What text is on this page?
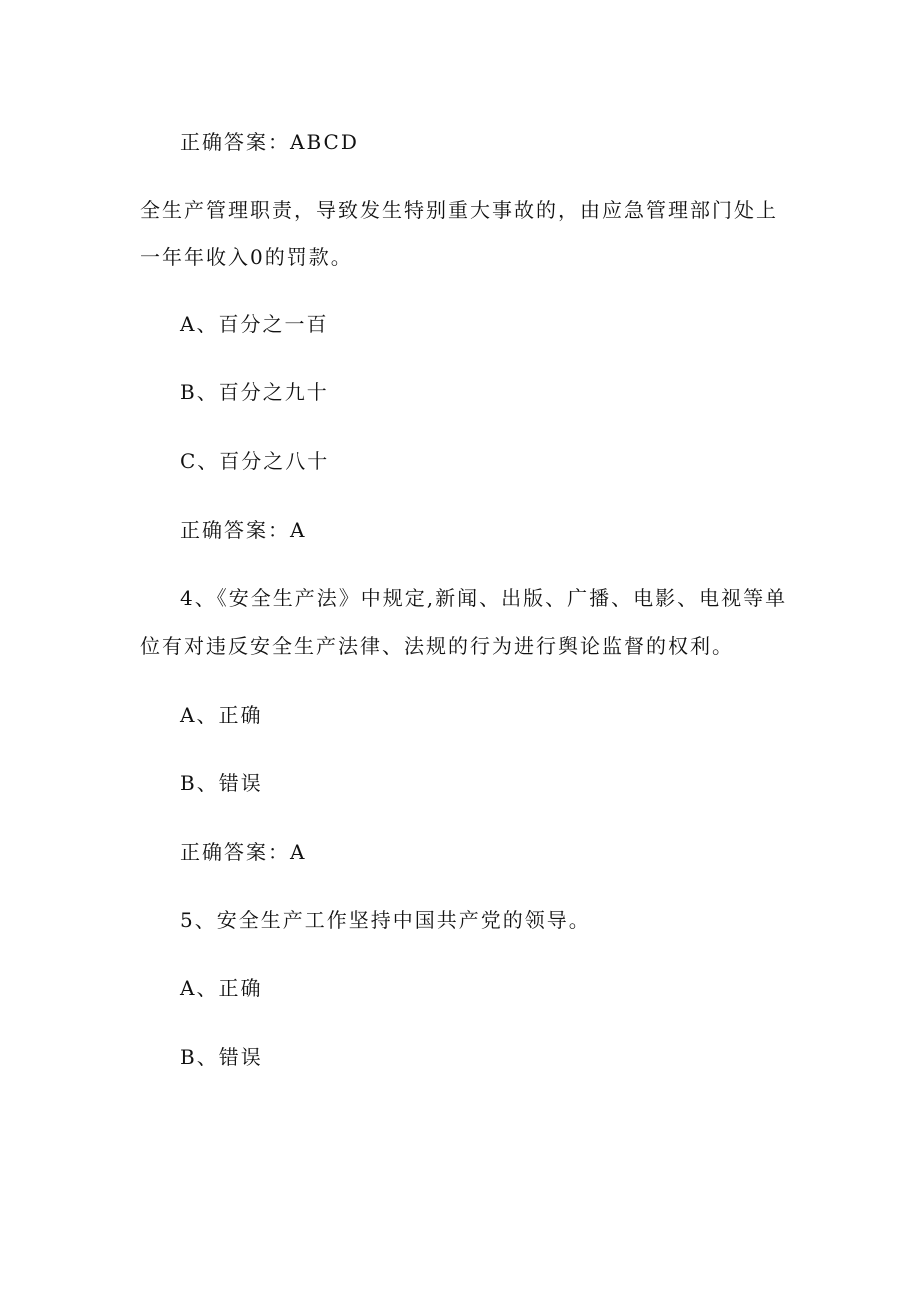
正确答案：ABCD

全生产管理职责，导致发生特别重大事故的，由应急管理部门处上

一年年收入0的罚款。

A、百分之一百

B、百分之九十

C、百分之八十

正确答案：A

4、《安全生产法》中规定,新闻、出版、广播、电影、电视等单

位有对违反安全生产法律、法规的行为进行舆论监督的权利。

A、正确

B、错误

正确答案：A

5、安全生产工作坚持中国共产党的领导。

A、正确

B、错误
